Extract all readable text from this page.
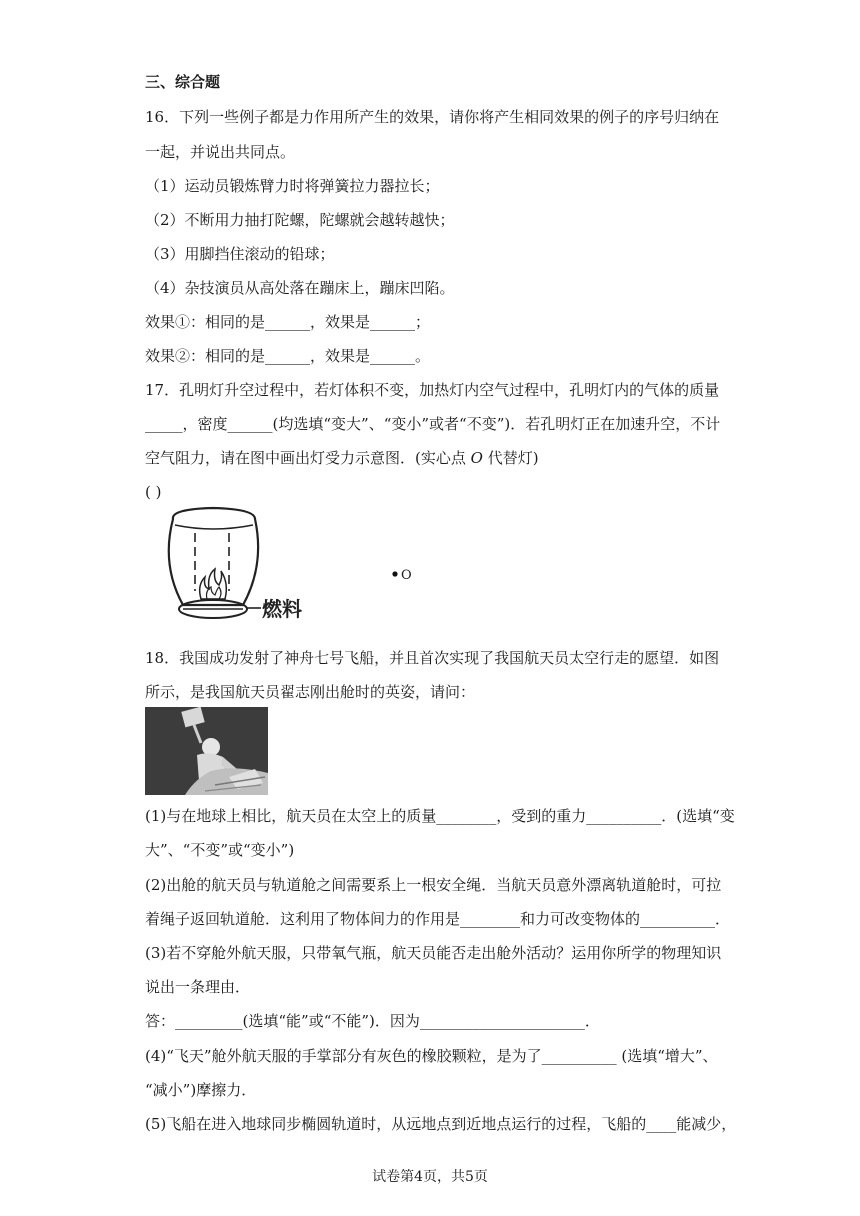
三、综合题
16．下列一些例子都是力作用所产生的效果，请你将产生相同效果的例子的序号归纳在
一起，并说出共同点。
（1）运动员锻炼臂力时将弹簧拉力器拉长；
（2）不断用力抽打陀螺，陀螺就会越转越快；
（3）用脚挡住滚动的铅球；
（4）杂技演员从高处落在蹦床上，蹦床凹陷。
效果①：相同的是______，效果是______；
效果②：相同的是______，效果是______。
17．孔明灯升空过程中，若灯体积不变，加热灯内空气过程中，孔明灯内的气体的质量
_____，密度______(均选填“变大”、“变小”或者“不变”)．若孔明灯正在加速升空，不计
空气阻力，请在图中画出灯受力示意图．(实心点 O 代替灯)
( )
燃料
O
18．我国成功发射了神舟七号飞船，并且首次实现了我国航天员太空行走的愿望．如图
所示，是我国航天员翟志刚出舱时的英姿，请问：
(1)与在地球上相比，航天员在太空上的质量________，受到的重力__________．(选填“变
大”、“不变”或“变小”)
(2)出舱的航天员与轨道舱之间需要系上一根安全绳．当航天员意外漂离轨道舱时，可拉
着绳子返回轨道舱．这利用了物体间力的作用是________和力可改变物体的__________．
(3)若不穿舱外航天服，只带氧气瓶，航天员能否走出舱外活动？运用你所学的物理知识
说出一条理由．
答：_________(选填“能”或“不能”)．因为______________________．
(4)“飞天”舱外航天服的手掌部分有灰色的橡胶颗粒，是为了__________ (选填“增大”、
“减小”)摩擦力．
(5)飞船在进入地球同步椭圆轨道时，从远地点到近地点运行的过程，飞船的____能减少，
试卷第4页，共5页
